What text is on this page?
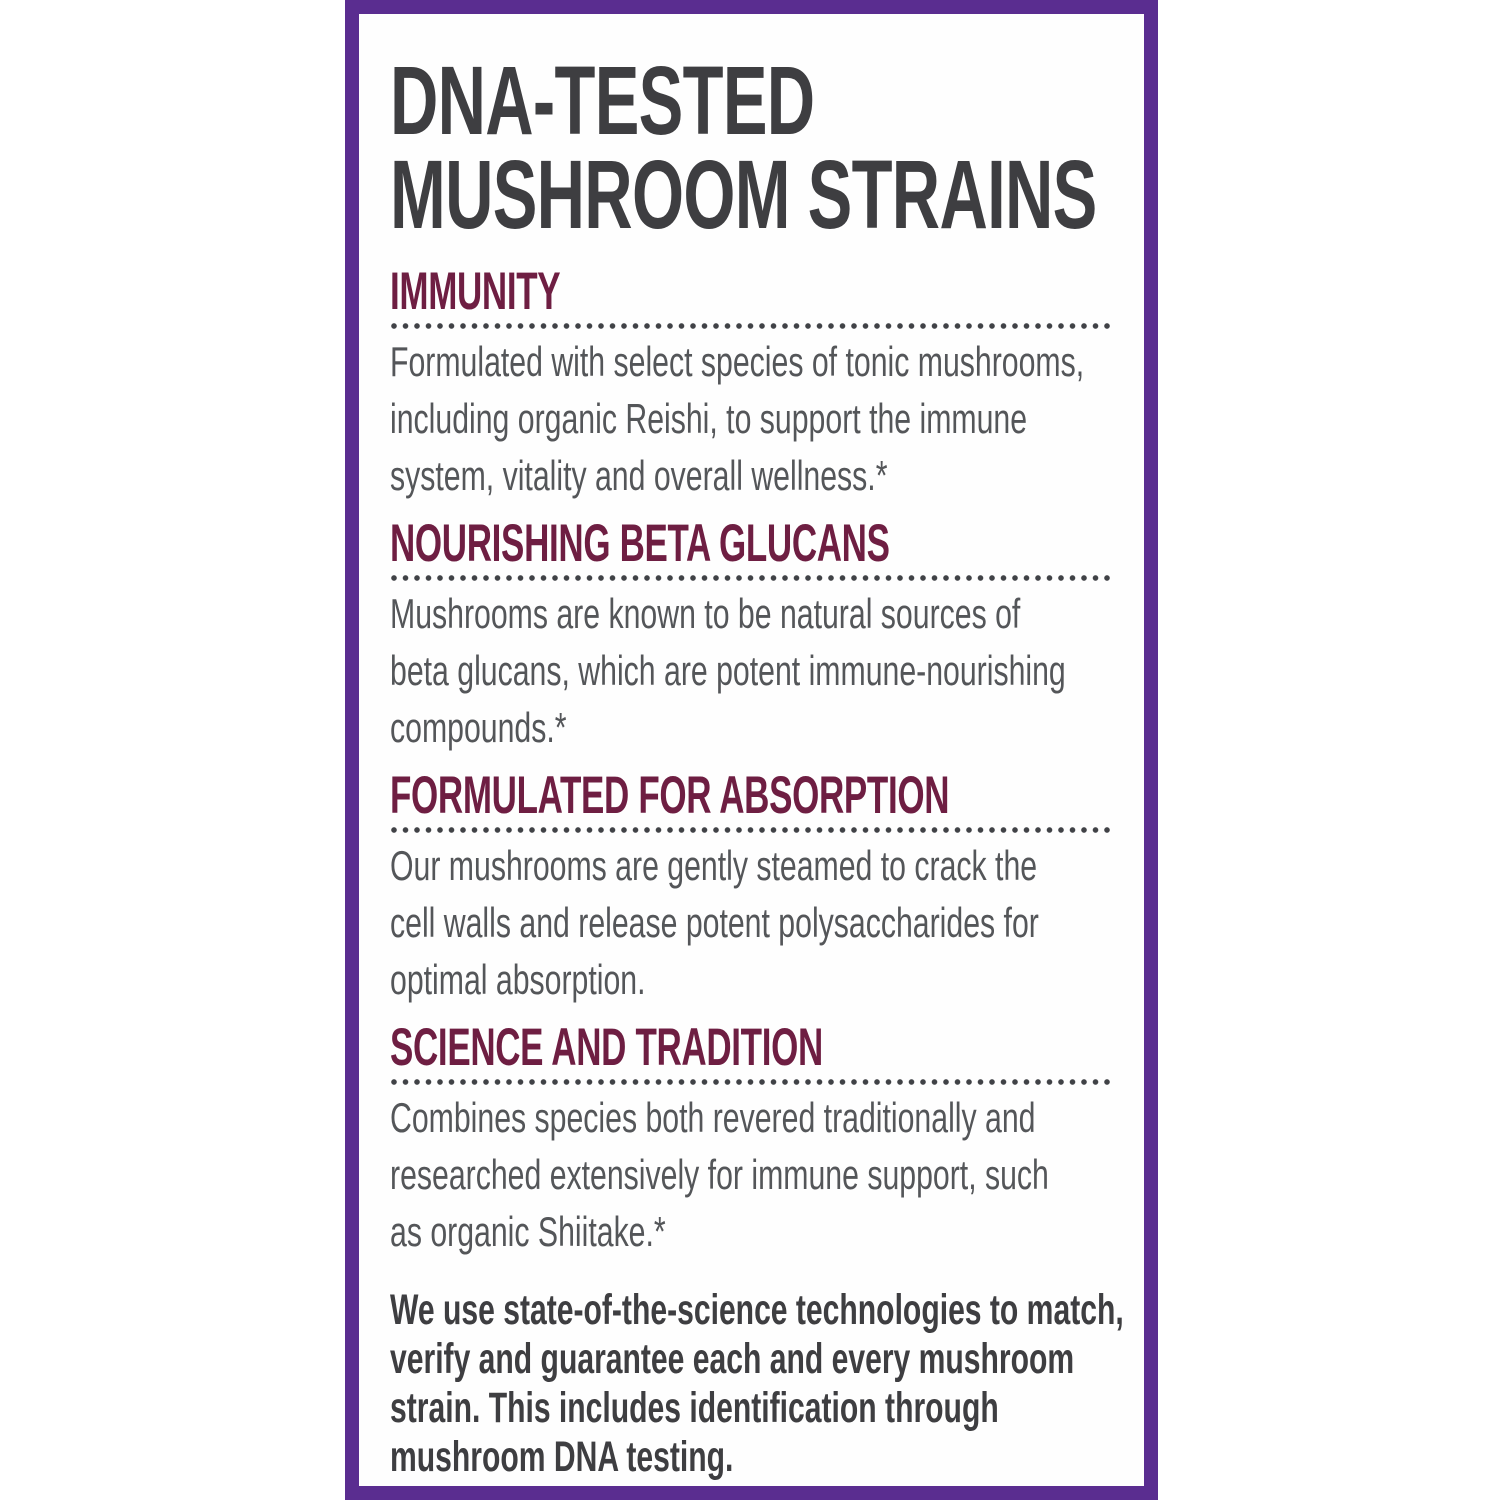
DNA-TESTED
MUSHROOM STRAINS
IMMUNITY

Formulated with select species of tonic mushrooms,
including organic Reishi, to support the immune
system, vitality and overall wellness.*

NOURISHING BETA GLUCANS

Mushrooms are known to be natural sources of
beta glucans, which are potent immune-nourishing
compounds.*

FORMULATED FOR ABSORPTION

Our mushrooms are gently steamed to crack the
cell walls and release potent polysaccharides for
optimal absorption.

SCIENCE AND TRADITION

Combines species both revered traditionally and
researched extensively for immune support, such
as organic Shiitake.*

We use state-of-the-science technologies to match,
verify and guarantee each and every mushroom
strain. This includes identification through
mushroom DNA testing.
